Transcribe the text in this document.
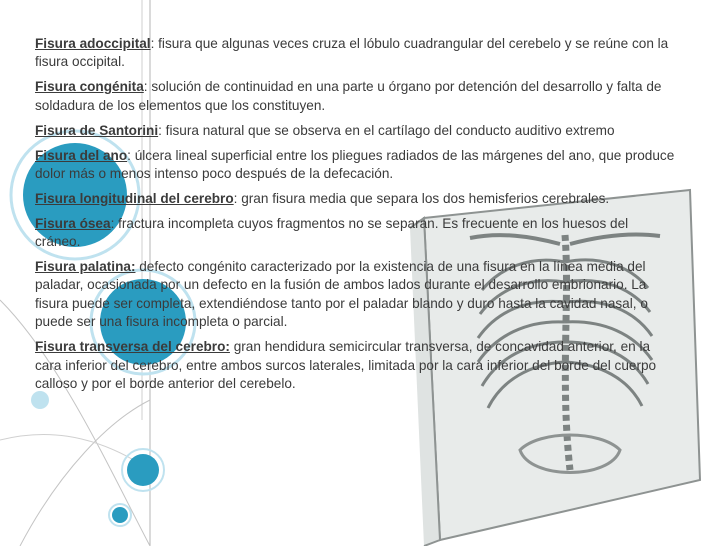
Fisura adoccipital: fisura que algunas veces cruza el lóbulo cuadrangular del cerebelo y se reúne con la fisura occipital.

Fisura congénita: solución de continuidad en una parte u órgano por detención del desarrollo y falta de soldadura de los elementos que los constituyen.

Fisura de Santorini: fisura natural que se observa en el cartílago del conducto auditivo extremo

Fisura del ano: úlcera lineal superficial entre los pliegues radiados de las márgenes del ano, que produce dolor más o menos intenso poco después de la defecación.

Fisura longitudinal del cerebro: gran fisura media que separa los dos hemisferios cerebrales.

Fisura ósea: fractura incompleta cuyos fragmentos no se separan. Es frecuente en los huesos del cráneo.

Fisura palatina: defecto congénito caracterizado por la existencia de una fisura en la línea media del paladar, ocasionada por un defecto en la fusión de ambos lados durante el desarrollo embrionario. La fisura puede ser completa, extendiéndose tanto por el paladar blando y duro hasta la cavidad nasal, o puede ser una fisura incompleta o parcial.

Fisura transversa del cerebro: gran hendidura semicircular transversa, de concavidad anterior, en la cara inferior del cerebro, entre ambos surcos laterales, limitada por la cara inferior del borde del cuerpo calloso y por el borde anterior del cerebelo.
